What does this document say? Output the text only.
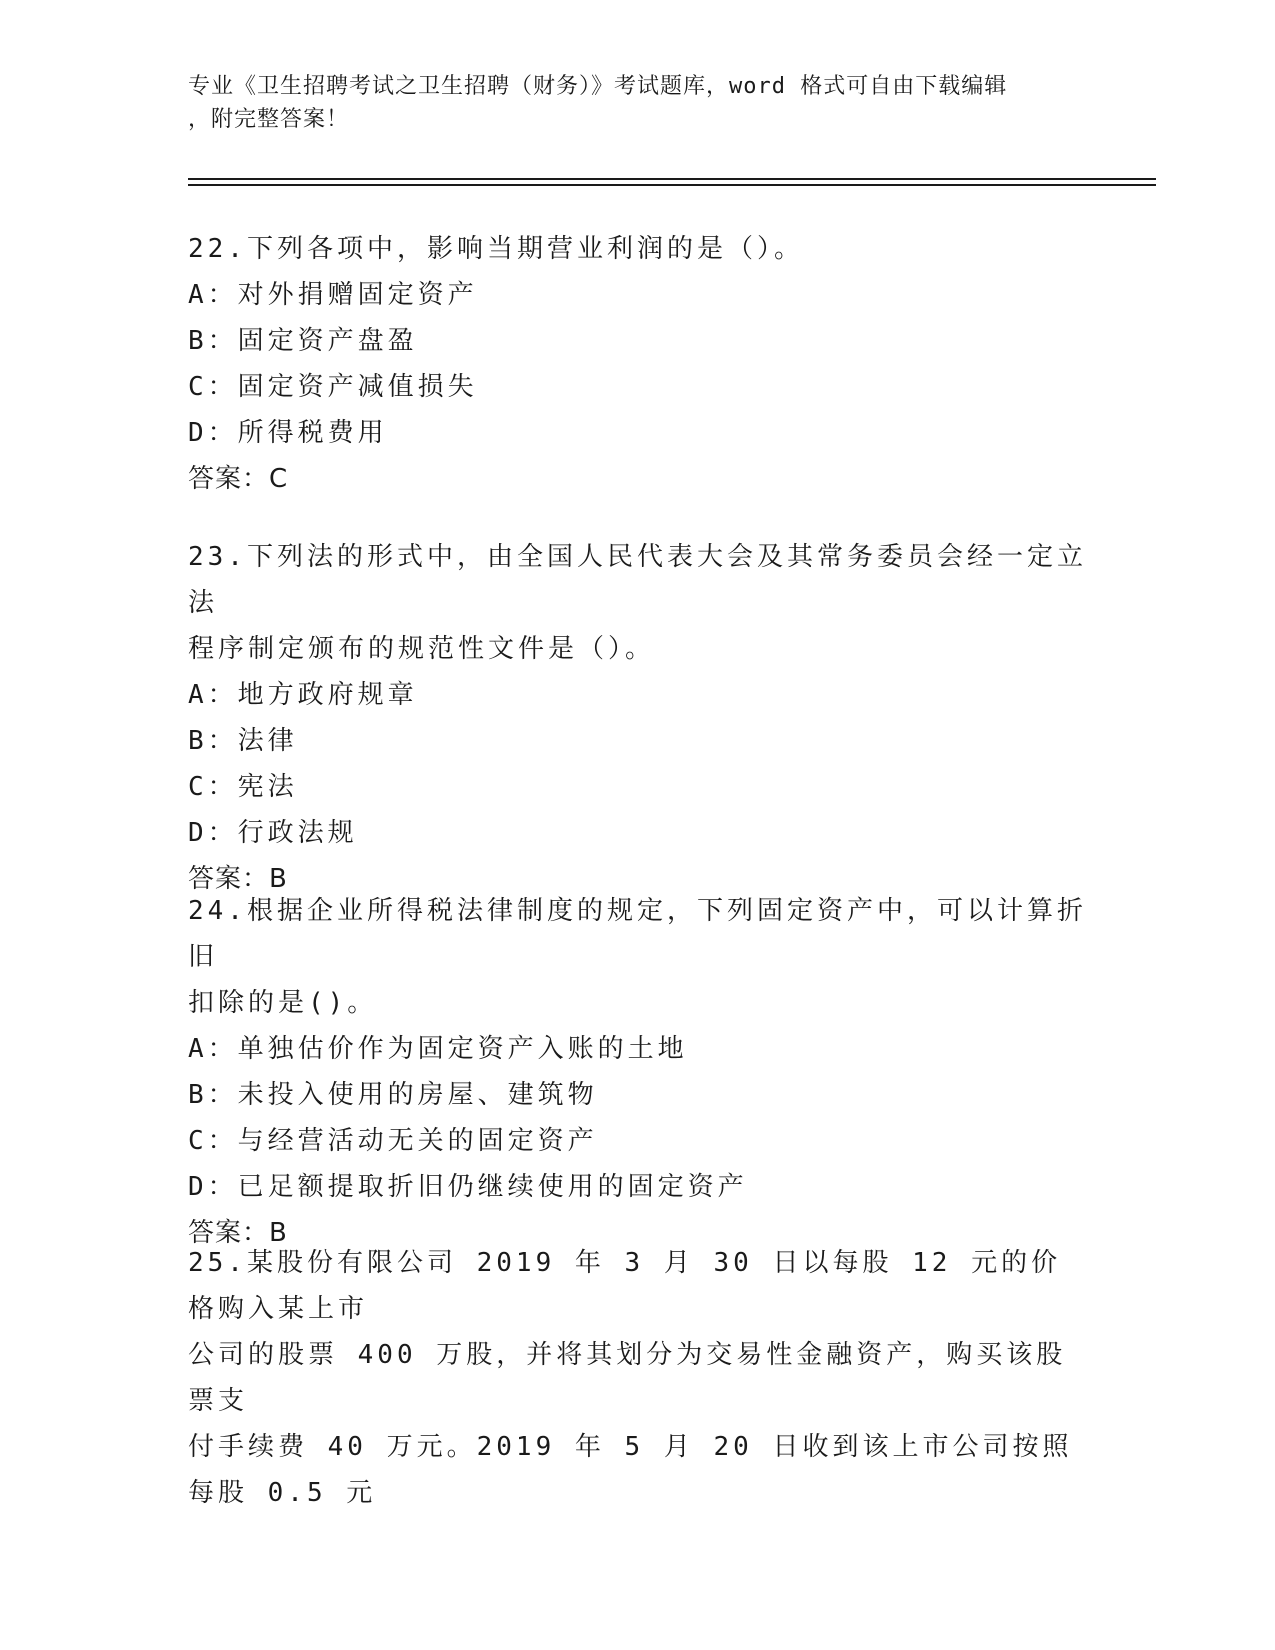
专业《卫生招聘考试之卫生招聘（财务）》考试题库，word 格式可自由下载编辑
，附完整答案！

22.下列各项中，影响当期营业利润的是（）。

A：对外捐赠固定资产

B：固定资产盘盈

C：固定资产减值损失

D：所得税费用

答案：C

23.下列法的形式中，由全国人民代表大会及其常务委员会经一定立法

程序制定颁布的规范性文件是（）。

A：地方政府规章

B：法律

C：宪法

D：行政法规

答案：B

24.根据企业所得税法律制度的规定，下列固定资产中，可以计算折旧

扣除的是()。

A：单独估价作为固定资产入账的土地

B：未投入使用的房屋、建筑物

C：与经营活动无关的固定资产

D：已足额提取折旧仍继续使用的固定资产

答案：B

25.某股份有限公司 2019 年 3 月 30 日以每股 12 元的价格购入某上市

公司的股票 400 万股，并将其划分为交易性金融资产，购买该股票支

付手续费 40 万元。2019 年 5 月 20 日收到该上市公司按照每股 0.5 元
